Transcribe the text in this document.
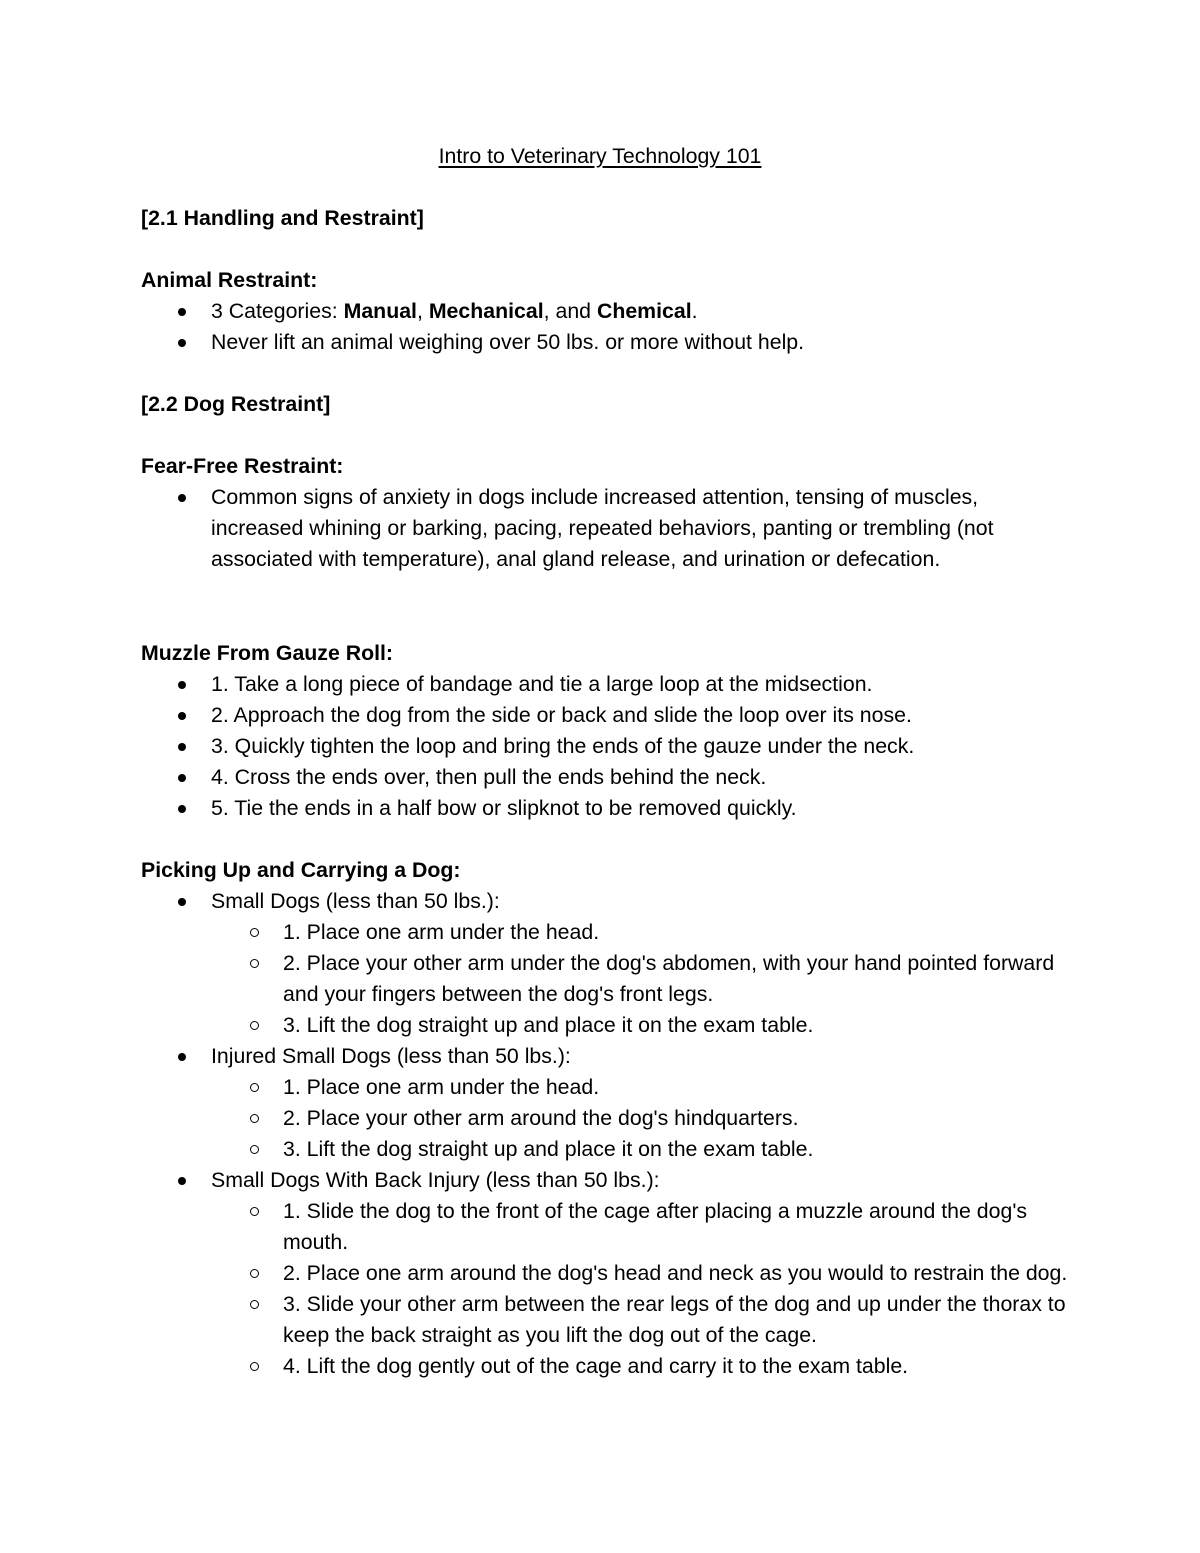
Intro to Veterinary Technology 101

[2.1 Handling and Restraint]

Animal Restraint:

3 Categories: Manual, Mechanical, and Chemical.
Never lift an animal weighing over 50 lbs. or more without help.

[2.2 Dog Restraint]

Fear-Free Restraint:

Common signs of anxiety in dogs include increased attention, tensing of muscles, increased whining or barking, pacing, repeated behaviors, panting or trembling (not associated with temperature), anal gland release, and urination or defecation.

Muzzle From Gauze Roll:

1. Take a long piece of bandage and tie a large loop at the midsection.
2. Approach the dog from the side or back and slide the loop over its nose.
3. Quickly tighten the loop and bring the ends of the gauze under the neck.
4. Cross the ends over, then pull the ends behind the neck.
5. Tie the ends in a half bow or slipknot to be removed quickly.

Picking Up and Carrying a Dog:

Small Dogs (less than 50 lbs.):
1. Place one arm under the head.
2. Place your other arm under the dog's abdomen, with your hand pointed forward and your fingers between the dog's front legs.
3. Lift the dog straight up and place it on the exam table.
Injured Small Dogs (less than 50 lbs.):
1. Place one arm under the head.
2. Place your other arm around the dog's hindquarters.
3. Lift the dog straight up and place it on the exam table.
Small Dogs With Back Injury (less than 50 lbs.):
1. Slide the dog to the front of the cage after placing a muzzle around the dog's mouth.
2. Place one arm around the dog's head and neck as you would to restrain the dog.
3. Slide your other arm between the rear legs of the dog and up under the thorax to keep the back straight as you lift the dog out of the cage.
4. Lift the dog gently out of the cage and carry it to the exam table.
